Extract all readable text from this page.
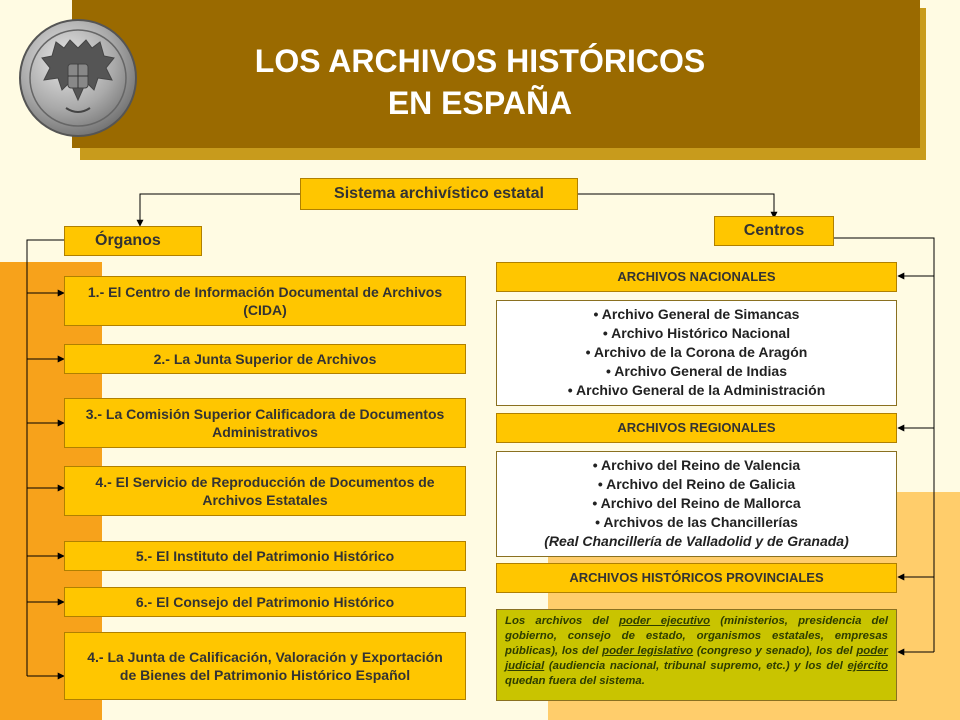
LOS ARCHIVOS HISTÓRICOS
EN ESPAÑA
Sistema archivístico estatal
Órganos
Centros
1.- El Centro de Información Documental de Archivos (CIDA)
2.- La Junta Superior de Archivos
3.- La Comisión Superior Calificadora de Documentos Administrativos
4.- El Servicio de Reproducción de Documentos de Archivos Estatales
5.- El Instituto del Patrimonio Histórico
6.- El Consejo del Patrimonio Histórico
4.- La Junta de Calificación, Valoración y Exportación de Bienes del Patrimonio Histórico Español
ARCHIVOS NACIONALES
• Archivo General de Simancas
• Archivo Histórico Nacional
• Archivo de la Corona de Aragón
• Archivo General de Indias
• Archivo General de la Administración
ARCHIVOS REGIONALES
• Archivo del Reino de Valencia
• Archivo del Reino de Galicia
• Archivo del Reino de Mallorca
• Archivos de las Chancillerías
(Real Chancillería de Valladolid y de Granada)
ARCHIVOS HISTÓRICOS PROVINCIALES
Los archivos del poder ejecutivo (ministerios, presidencia del gobierno, consejo de estado, organismos estatales, empresas públicas), los del poder legislativo (congreso y senado), los del poder judicial (audiencia nacional, tribunal supremo, etc.) y los del ejército quedan fuera del sistema.
